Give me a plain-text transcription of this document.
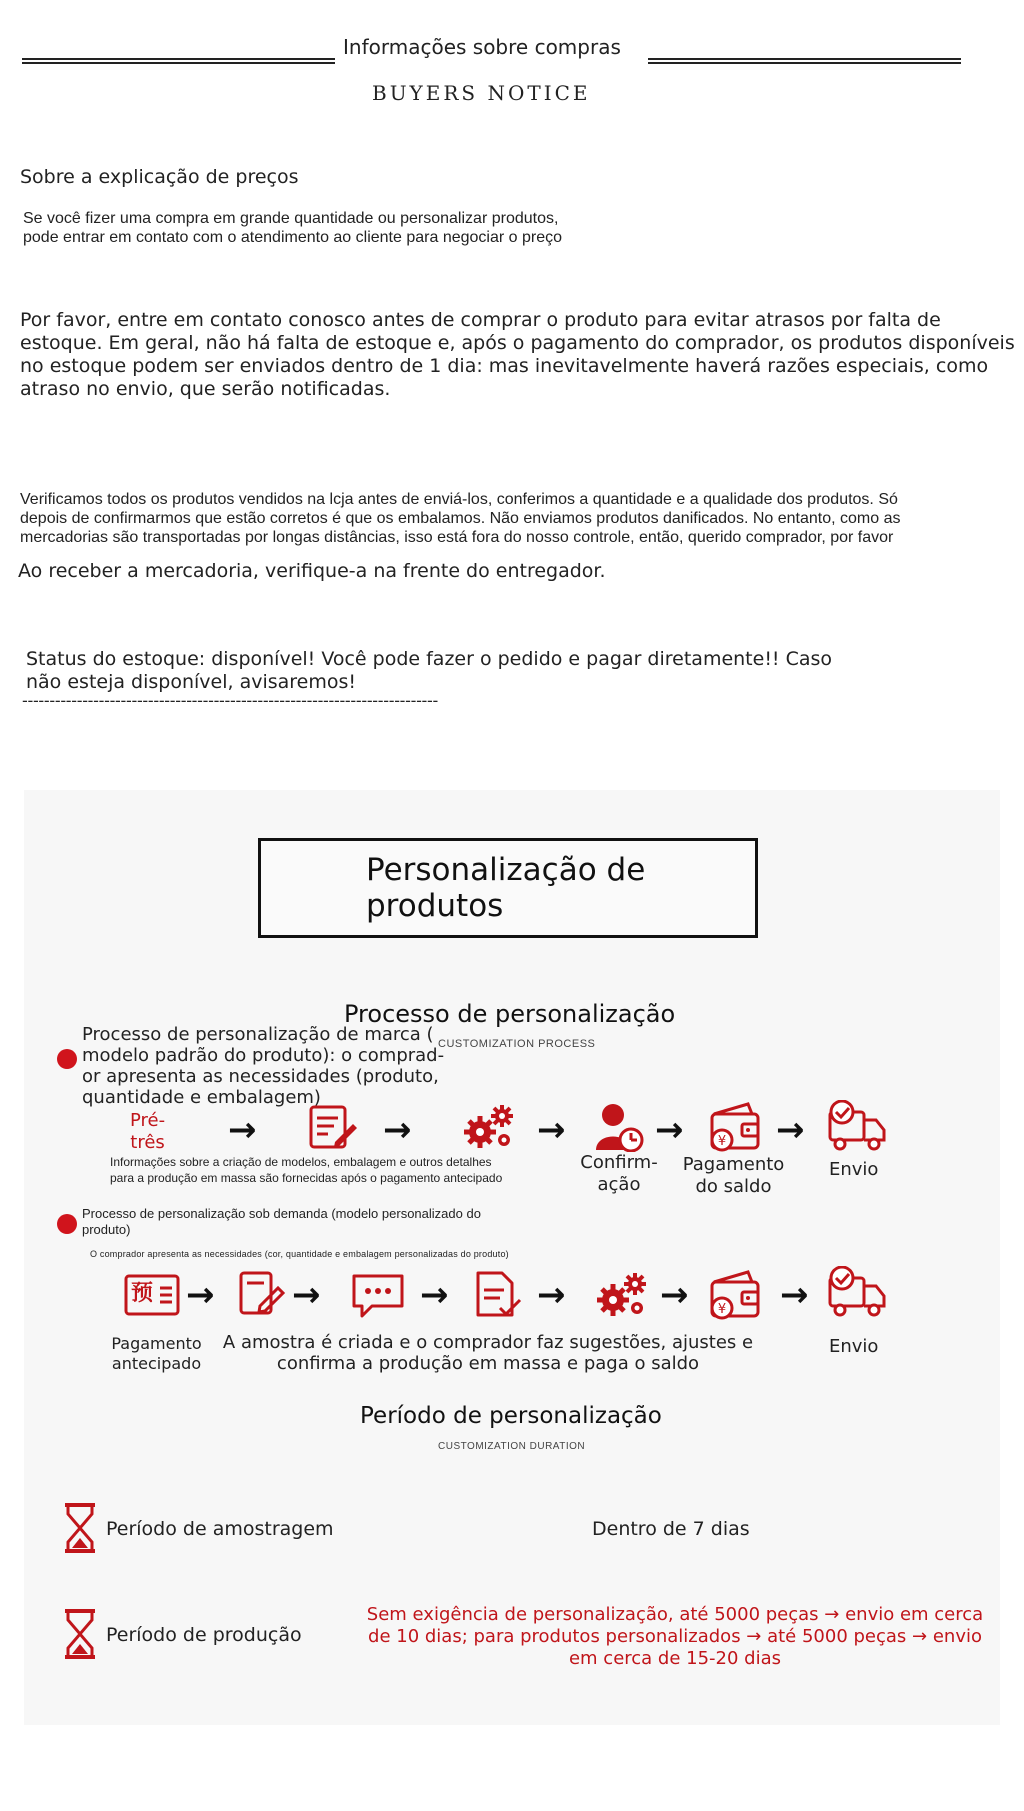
Informações sobre compras
BUYERS NOTICE
Sobre a explicação de preços
Se você fizer uma compra em grande quantidade ou personalizar produtos,
pode entrar em contato com o atendimento ao cliente para negociar o preço
Por favor, entre em contato conosco antes de comprar o produto para evitar atrasos por falta de
estoque. Em geral, não há falta de estoque e, após o pagamento do comprador, os produtos disponíveis
no estoque podem ser enviados dentro de 1 dia: mas inevitavelmente haverá razões especiais, como
atraso no envio, que serão notificadas.
Verificamos todos os produtos vendidos na lcja antes de enviá-los, conferimos a quantidade e a qualidade dos produtos. Só
depois de confirmarmos que estão corretos é que os embalamos. Não enviamos produtos danificados. No entanto, como as
mercadorias são transportadas por longas distâncias, isso está fora do nosso controle, então, querido comprador, por favor
Ao receber a mercadoria, verifique-a na frente do entregador.
Status do estoque: disponível! Você pode fazer o pedido e pagar diretamente!! Caso
não esteja disponível, avisaremos!
----------------------------------------------------------------------------
Personalização de
produtos
Processo de personalização
CUSTOMIZATION PROCESS
Processo de personalização de marca (
modelo padrão do produto): o comprad-
or apresenta as necessidades (produto,
quantidade e embalagem)
Pré-
três →	→	→	→	¥ →
Informações sobre a criação de modelos, embalagem e outros detalhes
para a produção em massa são fornecidas após o pagamento antecipado
Confirm-
ação
Pagamento
do saldo
Envio
Processo de personalização sob demanda (modelo personalizado do
produto)
O comprador apresenta as necessidades (cor, quantidade e embalagem personalizadas do produto)
预 → →	→	→	→ ¥ →
Pagamento
antecipado
A amostra é criada e o comprador faz sugestões, ajustes e
confirma a produção em massa e paga o saldo
Envio
Período de personalização
CUSTOMIZATION DURATION
Período de amostragem	Dentro de 7 dias
Período de produção
Sem exigência de personalização, até 5000 peças → envio em cerca
de 10 dias; para produtos personalizados → até 5000 peças → envio
em cerca de 15-20 dias
